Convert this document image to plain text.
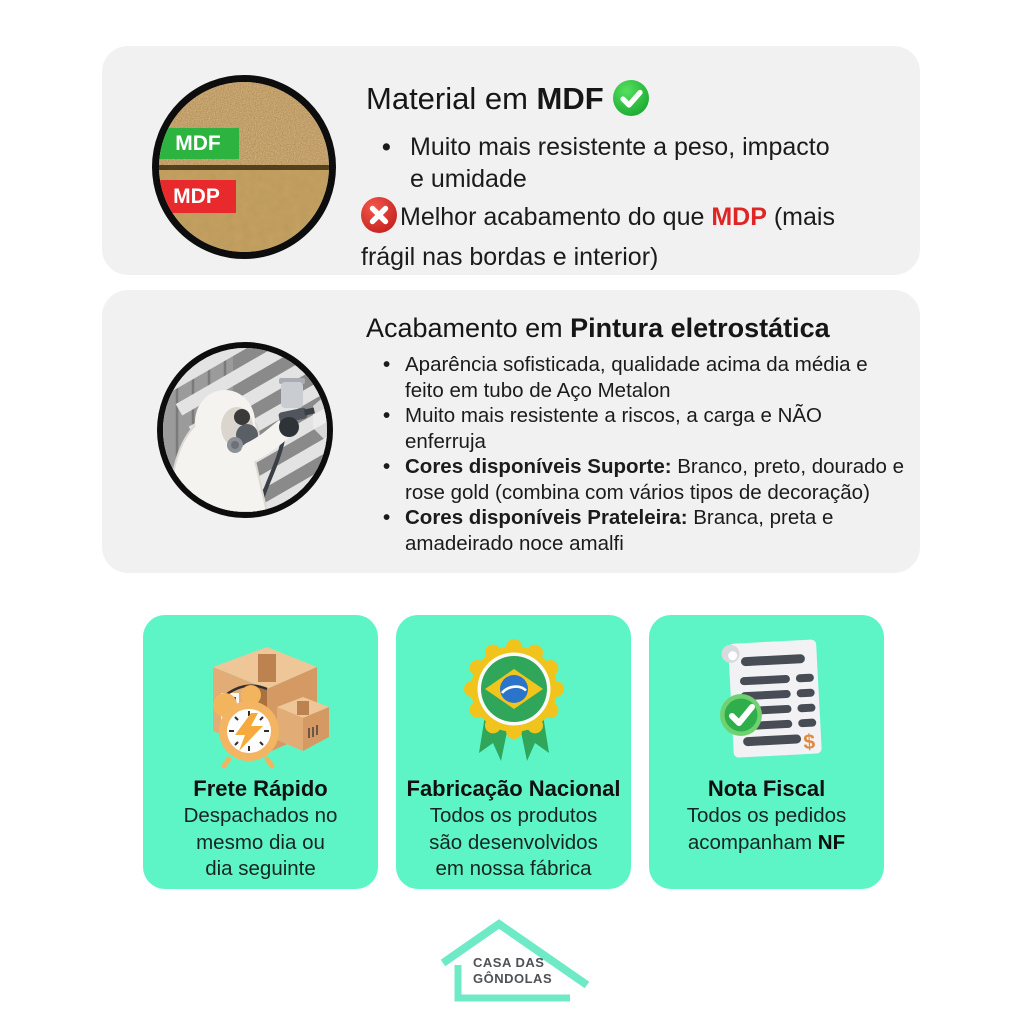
MDF
MDP
Material em MDF
•
Muito mais resistente a peso, impacto
e umidade
Melhor acabamento do que MDP (mais
frágil nas bordas e interior)
Acabamento em Pintura eletrostática
•
Aparência sofisticada, qualidade acima da média e
feito em tubo de Aço Metalon
•
Muito mais resistente a riscos, a carga e NÃO
enferruja
•
Cores disponíveis Suporte: Branco, preto, dourado e
rose gold (combina com vários tipos de decoração)
•
Cores disponíveis Prateleira: Branca, preta e
amadeirado noce amalfi
Frete Rápido
Despachados no
mesmo dia ou
dia seguinte
Fabricação Nacional
Todos os produtos
são desenvolvidos
em nossa fábrica
$
Nota Fiscal
Todos os pedidos
acompanham NF
CASA DAS
GÔNDOLAS
